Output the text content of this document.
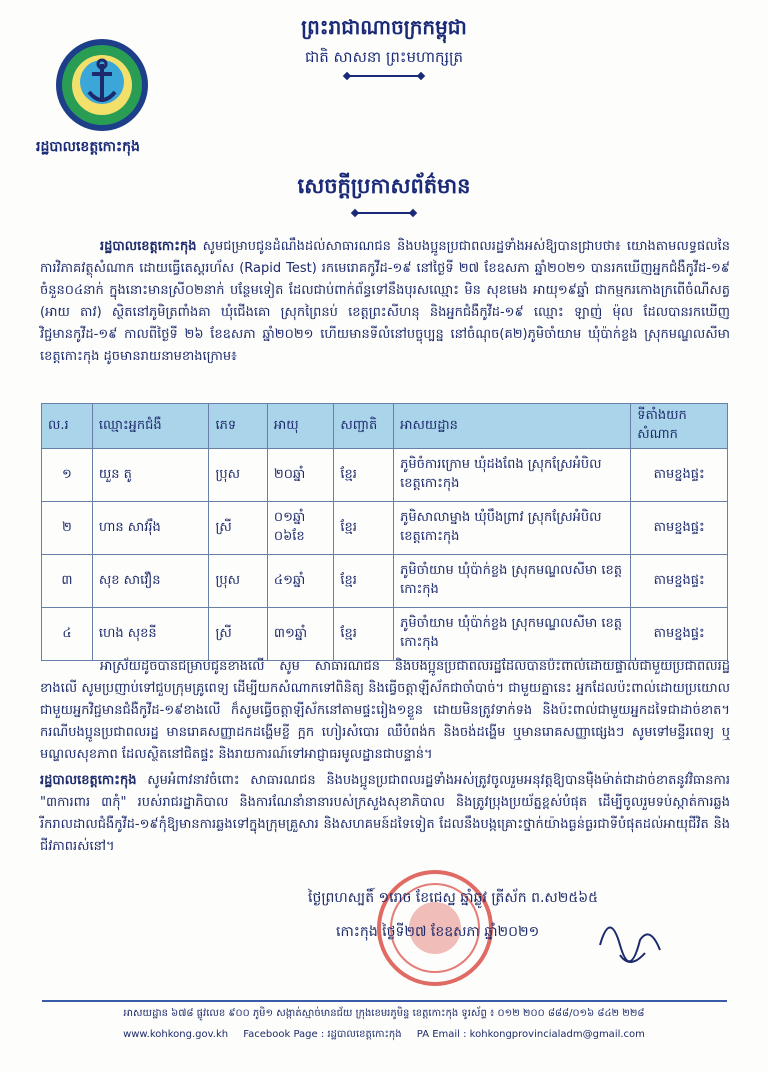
ព្រះរាជាណាចក្រកម្ពុជា
ជាតិ សាសនា ព្រះមហាក្សត្រ
រដ្ឋបាលខេត្តកោះកុង
សេចក្តីប្រកាសព័ត៌មាន
រដ្ឋបាលខេត្តកោះកុង សូមជម្រាបជូនដំណឹងដល់សាធារណជន និងបងប្អូនប្រជាពលរដ្ឋទាំងអស់ឱ្យបានជ្រាបថា៖ យោងតាមលទ្ធផលនៃការវិភាគវត្ថុសំណាក ដោយធ្វើតេស្តរហ័ស (Rapid Test) រកមេរោគកូវីដ-១៩ នៅថ្ងៃទី ២៧ ខែឧសភា ឆ្នាំ២០២១ បានរកឃើញអ្នកជំងឺកូវីដ-១៩ ចំនួន០៤នាក់ ក្នុងនោះមានស្រី០២នាក់ បន្ថែមទៀត ដែលជាប់ពាក់ព័ន្ធទៅនឹងបុរសឈ្មោះ មិន សុខមេង អាយុ១៩ឆ្នាំ ជាកម្មករកោងក្រពើចំណីសត្វ (អាយ តាវ) ស្ថិតនៅភូមិត្រពាំងគា ឃុំជើងគោ ស្រុកព្រៃនប់ ខេត្តព្រះសីហនុ និងអ្នកជំងឺកូវីដ-១៩ ឈ្មោះ ឡាញ់ ម៉ុល ដែលបានរកឃើញវិជ្ជមានកូវីដ-១៩ កាលពីថ្ងៃទី ២៦ ខែឧសភា ឆ្នាំ២០២១ ហើយមានទីលំនៅបច្ចុប្បន្ន នៅចំណុច(គ២)ភូមិចាំយាម ឃុំប៉ាក់ខ្លង ស្រុកមណ្ឌលសីមា ខេត្តកោះកុង ដូចមានរាយនាមខាងក្រោម៖
ល.រ	ឈ្មោះអ្នកជំងឺ	ភេទ	អាយុ	សញ្ជាតិ	អាសយដ្ឋាន	ទីតាំងយកសំណាក
១	យួន តូ	ប្រុស	២០ឆ្នាំ	ខ្មែរ	ភូមិចំការក្រោម ឃុំដងពែង ស្រុកស្រែអំបិល ខេត្តកោះកុង	តាមខ្នងផ្ទះ
២	ហាន សាវរ៉ឹង	ស្រី	០១ឆ្នាំ ០៦ខែ	ខ្មែរ	ភូមិសាលាម្នាង ឃុំបឹងព្រាវ ស្រុកស្រែអំបិល ខេត្តកោះកុង	តាមខ្នងផ្ទះ
៣	សុខ សាវឿន	ប្រុស	៤១ឆ្នាំ	ខ្មែរ	ភូមិចាំយាម ឃុំប៉ាក់ខ្លង ស្រុកមណ្ឌលសីមា ខេត្តកោះកុង	តាមខ្នងផ្ទះ
៤	ហេង សុខនី	ស្រី	៣១ឆ្នាំ	ខ្មែរ	ភូមិចាំយាម ឃុំប៉ាក់ខ្លង ស្រុកមណ្ឌលសីមា ខេត្តកោះកុង	តាមខ្នងផ្ទះ
អាស្រ័យដូចបានជម្រាបជូនខាងលើ សូម សាធារណជន និងបងប្អូនប្រជាពលរដ្ឋដែលបានប៉ះពាល់ដោយផ្ទាល់ជាមួយប្រជាពលរដ្ឋខាងលើ សូមប្រញាប់ទៅជួបក្រុមគ្រូពេទ្យ ដើម្បីយកសំណាកទៅពិនិត្យ និងធ្វើចត្តាឡីស័កជាចាំបាច់។ ជាមួយគ្នានេះ អ្នកដែលប៉ះពាល់ដោយប្រយោលជាមួយអ្នកវិជ្ជមានជំងឺកូវីដ-១៩ខាងលើ ក៏សូមធ្វើចត្តាឡីស័កនៅតាមផ្ទះរៀង១ខ្លួន ដោយមិនត្រូវទាក់ទង និងប៉ះពាល់ជាមួយអ្នកដទៃជាដាច់ខាត។ ករណីបងប្អូនប្រជាពលរដ្ឋ មានរោគសញ្ញាដកដង្ហើមខ្លី ក្អក ហៀរសំបោរ ឈឺបំពង់ក និងចង់ដង្ហើម ឬមានរោគសញ្ញាផ្សេងៗ សូមទៅមន្ទីរពេទ្យ ឬមណ្ឌលសុខភាព ដែលស្ថិតនៅជិតផ្ទះ និងរាយការណ៍ទៅអាជ្ញាធរមូលដ្ឋានជាបន្ទាន់។
រដ្ឋបាលខេត្តកោះកុង សូមអំពាវនាវចំពោះ សាធារណជន និងបងប្អូនប្រជាពលរដ្ឋទាំងអស់ត្រូវចូលរួមអនុវត្តឱ្យបានម៉ឺងម៉ាត់ជាដាច់ខាតនូវវិធានការ "៣ការពារ ៣កុំ" របស់រាជរដ្ឋាភិបាល និងការណែនាំនានារបស់ក្រសួងសុខាភិបាល និងត្រូវប្រុងប្រយ័ត្នខ្ពស់បំផុត ដើម្បីចូលរួមទប់ស្កាត់ការឆ្លងរីករាលដាលជំងឺកូវីដ-១៩កុំឱ្យមានការឆ្លងទៅក្នុងក្រុមគ្រួសារ និងសហគមន៍ដទៃទៀត ដែលនឹងបង្កគ្រោះថ្នាក់យ៉ាងធ្ងន់ធ្ងរជាទីបំផុតដល់អាយុជីវិត និងជីវភាពរស់នៅ។
ថ្ងៃព្រហស្បតិ៍ ១រោច ខែជេស្ឋ ឆ្នាំឆ្លូវ ត្រីស័ក ព.ស២៥៦៥
កោះកុង ថ្ងៃទី២៧ ខែឧសភា ឆ្នាំ២០២១
អាសយដ្ឋាន ៦៧៨ ផ្លូវលេខ ៩០០ ភូមិ១ សង្កាត់ស្មាច់មានជ័យ ក្រុងខេមរភូមិន្ទ ខេត្តកោះកុង ទូរស័ព្ទ ៖ ០១២ ២០០ ៨៨៨/០១៦ ៨៤២ ២២៨
www.kohkong.gov.kh Facebook Page : រដ្ឋបាលខេត្តកោះកុង PA Email : kohkongprovincialadm@gmail.com
